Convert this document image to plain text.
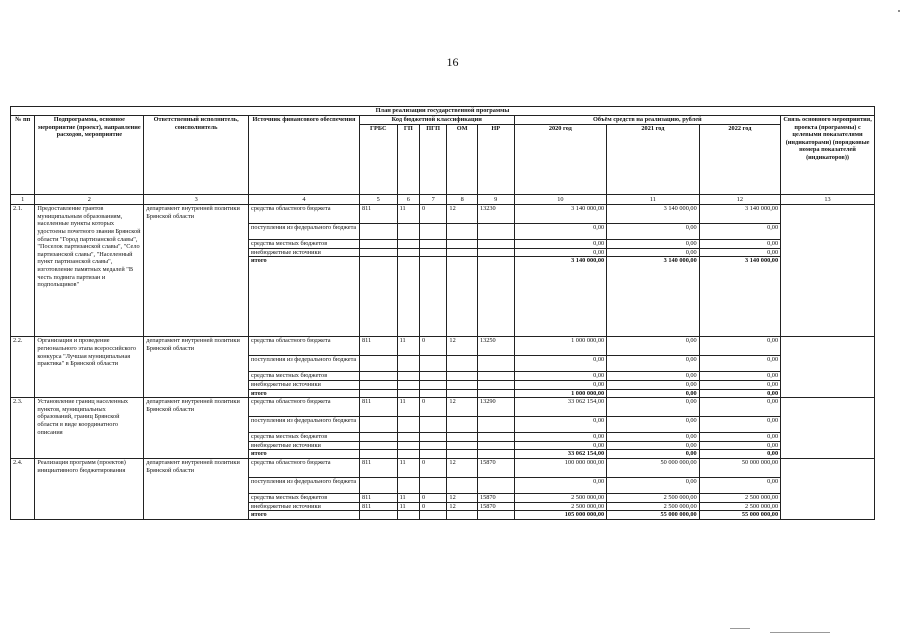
16
План реализации государственной программы												
№ пп	Подпрограмма, основное мероприятие (проект), направление расходов, мероприятие	Ответственный исполнитель, соисполнитель	Источник финансового обеспечения	Код бюджетной классификации					Объём средств на реализацию, рублей			Связь основного мероприятия, проекта (программы) с целевыми показателями (индикаторами) (порядковые номера показателей (индикаторов))
				ГРБС	ГП	ПГП	ОМ	НР	2020 год	2021 год	2022 год	
1	2	3	4	5	6	7	8	9	10	11	12	13
2.1.	Предоставление грантов муниципальным образованиям, населенные пункты которых удостоены почетного звания Брянской области "Город партизанской славы", "Поселок партизанской славы", "Село партизанской славы", "Населенный пункт партизанской славы", изготовление памятных медалей "В честь подвига партизан и подпольщиков"	департамент внутренней политики Брянской области	средства областного бюджета	811	11	0	12	13230	3 140 000,00	3 140 000,00	3 140 000,00	
			поступления из федерального бюджета						0,00	0,00	0,00	
			средства местных бюджетов						0,00	0,00	0,00	
			внебюджетные источники						0,00	0,00	0,00	
			итого						3 140 000,00	3 140 000,00	3 140 000,00	
2.2.	Организация и проведение регионального этапа всероссийского конкурса "Лучшая муниципальная практика" в Брянской области	департамент внутренней политики Брянской области	средства областного бюджета	811	11	0	12	13250	1 000 000,00	0,00	0,00	
			поступления из федерального бюджета						0,00	0,00	0,00	
			средства местных бюджетов						0,00	0,00	0,00	
			внебюджетные источники						0,00	0,00	0,00	
			итого						1 000 000,00	0,00	0,00	
2.3.	Установление границ населенных пунктов, муниципальных образований, границ Брянской области в виде координатного описания	департамент внутренней политики Брянской области	средства областного бюджета	811	11	0	12	13290	33 062 154,00	0,00	0,00	
			поступления из федерального бюджета						0,00	0,00	0,00	
			средства местных бюджетов						0,00	0,00	0,00	
			внебюджетные источники						0,00	0,00	0,00	
			итого						33 062 154,00	0,00	0,00	
2.4.	Реализация программ (проектов) инициативного бюджетирования	департамент внутренней политики Брянской области	средства областного бюджета	811	11	0	12	15870	100 000 000,00	50 000 000,00	50 000 000,00	
			поступления из федерального бюджета						0,00	0,00	0,00	
			средства местных бюджетов	811	11	0	12	15870	2 500 000,00	2 500 000,00	2 500 000,00	
			внебюджетные источники	811	11	0	12	15870	2 500 000,00	2 500 000,00	2 500 000,00	
			итого						105 000 000,00	55 000 000,00	55 000 000,00	
